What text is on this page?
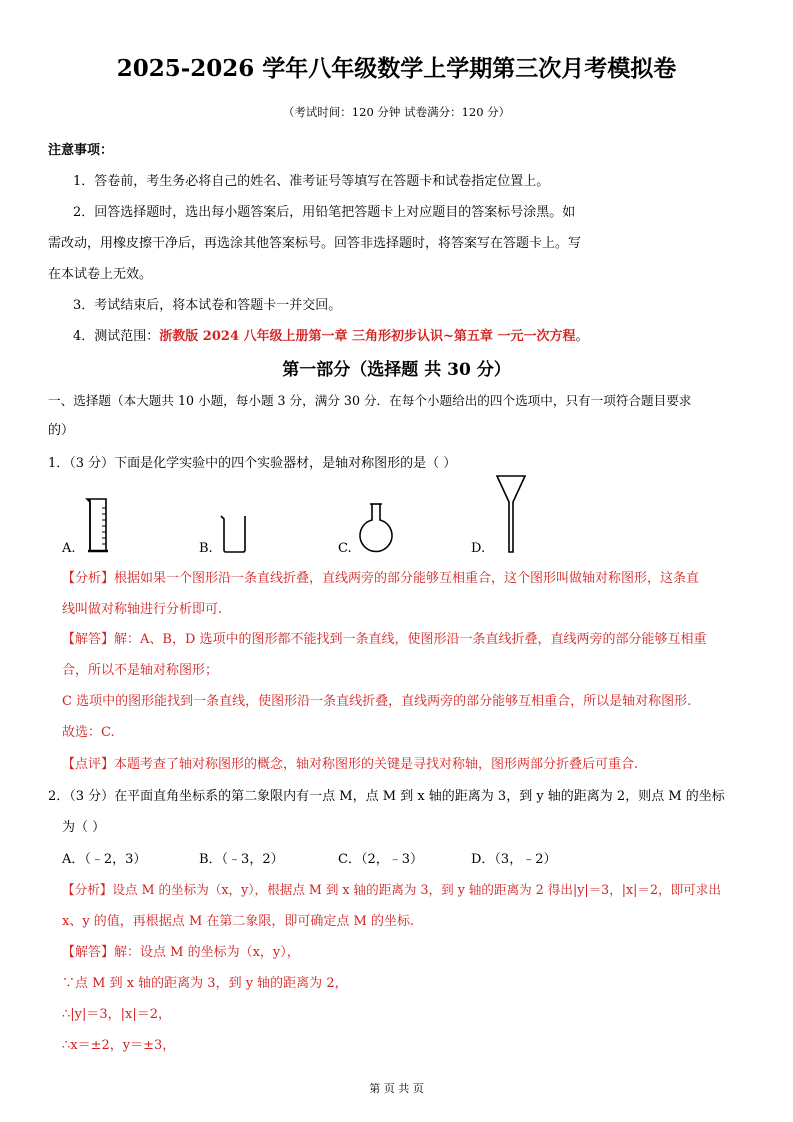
2025-2026 学年八年级数学上学期第三次月考模拟卷
（考试时间：120 分钟 试卷满分：120 分）
注意事项：
1．答卷前，考生务必将自己的姓名、准考证号等填写在答题卡和试卷指定位置上。
2．回答选择题时，选出每小题答案后，用铅笔把答题卡上对应题目的答案标号涂黑。如
需改动，用橡皮擦干净后，再选涂其他答案标号。回答非选择题时，将答案写在答题卡上。写
在本试卷上无效。
3．考试结束后，将本试卷和答题卡一并交回。
4．测试范围：浙教版 2024 八年级上册第一章 三角形初步认识~第五章 一元一次方程。
第一部分（选择题 共 30 分）
一、选择题（本大题共 10 小题，每小题 3 分，满分 30 分．在每个小题给出的四个选项中，只有一项符合题目要求
的）
1．（3 分）下面是化学实验中的四个实验器材，是轴对称图形的是（ ）
A.	B.	C.	D.
【分析】根据如果一个图形沿一条直线折叠，直线两旁的部分能够互相重合，这个图形叫做轴对称图形，这条直
线叫做对称轴进行分析即可.
【解答】解：A、B，D 选项中的图形都不能找到一条直线，使图形沿一条直线折叠，直线两旁的部分能够互相重
合，所以不是轴对称图形；
C 选项中的图形能找到一条直线，使图形沿一条直线折叠，直线两旁的部分能够互相重合，所以是轴对称图形.
故选：C.
【点评】本题考查了轴对称图形的概念，轴对称图形的关键是寻找对称轴，图形两部分折叠后可重合.
2．（3 分）在平面直角坐标系的第二象限内有一点 M，点 M 到 x 轴的距离为 3，到 y 轴的距离为 2，则点 M 的坐标
为（ ）
A．（﹣2，3）	B．（﹣3，2）	C．（2，﹣3）	D．（3，﹣2）
【分析】设点 M 的坐标为（x，y），根据点 M 到 x 轴的距离为 3，到 y 轴的距离为 2 得出|y|＝3，|x|＝2，即可求出
x、y 的值，再根据点 M 在第二象限，即可确定点 M 的坐标.
【解答】解：设点 M 的坐标为（x，y），
∵点 M 到 x 轴的距离为 3，到 y 轴的距离为 2，
∴|y|＝3，|x|＝2，
∴x＝±2，y＝±3，
第 页 共 页
